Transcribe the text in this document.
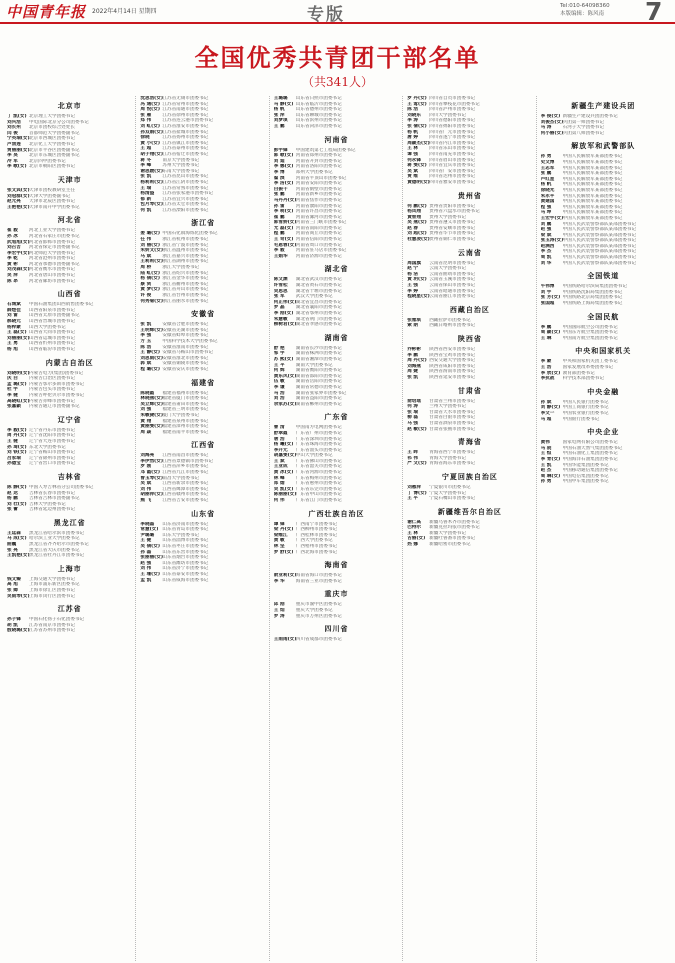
中国青年报 2022年4月14日 星期四	专版	Tel:010-64098360
本版编辑：陈风南 7
全国优秀共青团干部名单
（共341人）
北京市
丁 凯(女) 北京理工大学团委书记
刘兴浩	中电国际北京分公司团委书记
刘长州	北京市团校综合处处长
闫 俊	首都师范大学团委副书记
宁英瑞(女) 北京市西城区团委书记
卢清莲	北京化工大学团委书记
贾丽丽(女) 北京市平谷区团委副书记
李 昊	北京市东城区团委副书记
冷 军	北京四中团委书记
李 歌(女) 北京市朝阳区团委书记
天津市
张文宾(女) 天津市团校教研室主任
刘冠群(女) 天津大学团委副书记
赵元亮	天津市北辰区团委书记
王艳艳(女) 天津市南开中学团委书记
河北省
崔 毅	河北工业大学团委书记
孙 冰	河北省石家庄市团委书记
武旭旭(女) 河北省邯郸市团委书记
刘召吉	河北省保定市团委副书记
李宏宇(女) 河北师范大学团委书记
李 乾	河北省沧州市团委书记
黄 彬	河北省承德市团委副书记
刘茂森(女) 河北省衡水市团委书记
吴 萍	河北省唐山市团委书记
陈 昂	河北省廊坊市团委书记
山西省
石城斌	中国石油集团山西销售团委书记
薛煜佳	山西省阳泉市团委书记
刘 雷	山西省太原市团委副书记
郝晓元	山西省晋城市团委书记
杨梓蒙	山西大学团委书记
王 磊(女) 山西省大同市团委书记
刘丽丽(女) 山西省运城市团委书记
王 勇	山西省忻州市团委书记
杨 旭	山西省临汾市团委书记
内蒙古自治区
刘晓明(女) 内蒙古电力(集团)团委书记
庆 白	内蒙古自治区团委书记
孟 璐(女) 内蒙古鄂尔多斯市团委书记
杜 宇	内蒙古包头市团委书记
李 健	内蒙古呼伦贝尔市团委书记
高晓虹(女) 内蒙古赤峰市团委书记
张嘉颖	内蒙古通辽市团委副书记
辽宁省
李 毅(女) 辽宁省丹东市团委书记
周 丹(女) 辽宁省沈阳市团委书记
王 健	辽宁省大连市团委书记
孙 琦(女) 东北大学团委书记
刘 铁(女) 辽宁省鞍山市团委书记
吕家瑞	辽宁省锦州市团委书记
孙德宝	辽宁省营口市团委书记
吉林省
陈 静(女) 中国人寿吉林省分公司团委书记
赵 达	吉林省长春市团委书记
杨 鹏	吉林省吉林市团委副书记
刘 壮(女) 吉林大学团委书记
张 蕾	吉林省延边州团委书记
黑龙江省
王廷森	黑龙江省哈尔滨市团委书记
马 成(女) 哈尔滨工业大学团委书记
曲巍	黑龙江省齐齐哈尔市团委书记
张 亮	黑龙江省大庆市团委书记
王凯艳(女) 黑龙江省牡丹江市团委书记
上海市
钱文臻	上海交通大学团委书记
高 旭	上海市浦东新区团委书记
张 卿	上海市徐汇区团委书记
吴雨琴(女) 上海市闵行区团委书记
江苏省
孙子锋	中国石化扬子石化团委书记
胡 凯	江苏省南京市团委书记
殷晓璐(女) 江苏省苏州市团委书记
沈思浩(女) 江苏省无锡市团委书记
冯 通(女) 江苏省常州市团委书记
周 悦(女) 江苏省南通市团委书记
张 雁	江苏省徐州市团委书记
郑 伟	江苏省连云港市团委书记
刘 虹(女) 江苏省淮安市团委书记
孙双娟(女) 江苏省盐城市团委书记
徐晓	江苏省扬州市团委书记
黄 小(女) 江苏省镇江市团委书记
王 超	江苏省泰州市团委书记
胡子翔(女) 江苏省宿迁市团委书记
蒋 冬	南京大学团委书记
李 峰	苏州大学团委书记
谢思媛(女) 东南大学团委书记
张 凯	江苏省昆山市团委书记
杨莉莉(女) 江苏省江阴市团委书记
王 瑞	江苏省常熟市团委书记
杨清盛	江苏省张家港市团委书记
郁 新	江苏省宜兴市团委书记
包月琴(女) 江苏省太仓市团委书记
何 凯	江苏省溧阳市团委书记
浙江省
姜 璐(女) 中国石化镇海炼化团委书记
任 伟	浙江省杭州市团委书记
刘 丽(女) 浙江省宁波市团委书记
朱妍文(女) 浙江省温州市团委书记
马 斌	浙江省嘉兴市团委书记
王莉莉(女) 浙江省湖州市团委书记
周 桥	浙江大学团委书记
陆 虹(女) 浙江省绍兴市团委书记
杨 倩(女) 浙江省金华市团委书记
蔡 剑	浙江省衢州市团委书记
黄 梦(女) 浙江省舟山市团委书记
许 俊	浙江省台州市团委书记
何秀菊(女) 浙江省丽水市团委书记
安徽省
张 凯	安徽省合肥市团委书记
王明辉(女) 安徽省芜湖市团委书记
李 强	安徽省蚌埠市团委书记
方 玉	中国科学技术大学团委书记
陈 浩	安徽省淮南市团委书记
王 静(女) 安徽省马鞍山市团委书记
刘思雨(女) 安徽省淮北市团委书记
郭 斌	安徽省铜陵市团委书记
程 璐(女) 安徽省安庆市团委书记
福建省
陈晓霞	福建省福州市团委书记
林晓燕(女) 福建省厦门市团委书记
吴立辉(女) 福建省莆田市团委书记
刘 强	福建省三明市团委书记
朱敏捷(女) 厦门大学团委书记
黄 翔	福建省泉州市团委书记
黄丽雯(女) 福建省漳州市团委书记
周 焱	福建省南平市团委书记
江西省
刘海亮	江西省南昌市团委书记
李伊然(女) 江西省景德镇市团委书记
罗 刚	江西省萍乡市团委书记
邓 霞(女) 江西省九江市团委书记
曾玉琴(女) 南昌大学团委书记
吴 斌	江西省新余市团委书记
刘 伟	江西省鹰潭市团委书记
胡丽萍(女) 江西省赣州市团委书记
熊 飞	江西省吉安市团委书记
山东省
李晓磊	山东省济南市团委书记
常慧(女) 山东省青岛市团委书记
尹璐璐	山东大学团委书记
王 健	山东省淄博市团委书记
吴 倩(女) 山东省枣庄市团委书记
孙 磊	山东省东营市团委书记
张丽丽(女) 山东省烟台市团委书记
赵 强	山东省潍坊市团委书记
刘 伟	山东省济宁市团委书记
王 珊(女) 山东省泰安市团委书记
孟 凯	山东省威海市团委书记
王璐璐	山东省日照市团委书记
马 静(女) 山东省临沂市团委书记
杨 帆	山东省德州市团委书记
张 萍	山东省聊城市团委书记
刘梦琪	山东省滨州市团委书记
王 鹏	山东省菏泽市团委书记
河南省
彭宇锋	中国建筑第七工程局团委书记
郭 歌(女) 河南省郑州市团委书记
刘 迪	河南省开封市团委书记
李 娜(女) 河南省洛阳市团委书记
李 博	郑州大学团委书记
翟 滨	河南省平顶山市团委书记
李 洁(女) 河南省安阳市团委书记
白振千	河南省鹤壁市团委书记
张 鹏	河南省新乡市团委书记
马丹丹(女) 河南省焦作市团委书记
孙 雷	河南省濮阳市团委书记
李 萌(女) 河南省许昌市团委书记
崔 鹏	河南省漯河市团委书记
郭雪娇(女) 河南省三门峡市团委书记
尤 磊(女) 河南省南阳市团委书记
程 鹏	河南省商丘市团委书记
王 奇(女) 河南省信阳市团委书记
毛恩蓉(女) 河南省周口市团委书记
李 毅	河南省驻马店市团委书记
王娟华	河南省济源市团委书记
湖北省
陈文渊	湖北省武汉市团委书记
许雪松	湖北省黄石市团委书记
吴思思	湖北省十堰市团委书记
张 军	武汉大学团委书记
何正伟(女) 湖北省宜昌市团委书记
罗 晶	湖北省襄阳市团委书记
李 刚(女) 湖北省鄂州市团委书记
朱慧敏	湖北省荆门市团委书记
柳树君(女) 湖北省孝感市团委书记
湖南省
舒 艳	湖南省长沙市团委书记
邹 宇	湖南省株洲市团委书记
苏 熙(女) 湖南省湘潭市团委书记
王 平	湖南大学团委书记
何 辉	湖南省衡阳市团委书记
黄东风(女) 湖南省邵阳市团委书记
伍 敏	湖南省岳阳市团委书记
李 谦	湖南省常德市团委书记
马 浩	湖南省张家界市团委书记
刘 浩	湖南省益阳市团委书记
余家苏(女) 湖南省郴州市团委书记
广东省
曹 清	中国南方电网团委书记
舒翠霞	广东省广州市团委书记
唐 浩	广东省深圳市团委书记
杨 曦(女) 广东省珠海市团委书记
李开元	广东省汕头市团委书记
胡嘉雯(女) 中山大学团委书记
王 斌	广东省佛山市团委书记
王亚成	广东省韶关市团委书记
黄 冰(女) 广东省河源市团委书记
林 峰	广东省梅州市团委书记
郑 熠	广东省惠州市团委书记
吴 凯(女) 广东省东莞市团委书记
陈丽丽(女) 广东省中山市团委书记
何 伟	广东省江门市团委书记
广西壮族自治区
谭 锋	广西南宁市团委书记
梁 丹(女) 广西柳州市团委书记
梁维江	广西桂林市团委书记
黄 敏	广西大学团委书记
林 坚	广西梧州市团委书记
罗 舒(女) 广西北海市团委书记
海南省
俞亚莉(女) 海南省海口市团委书记
李 华	海南省三亚市团委书记
重庆市
邱 刚	重庆市渝中区团委书记
王 灿	重庆大学团委书记
罗 涛	重庆市万州区团委书记
四川省
王雨雨(女) 四川省成都市团委书记
罗 丹(女) 四川省自贡市团委书记
王 莺(女) 四川省攀枝花市团委书记
陈 浩	四川省泸州市团委书记
刘晓东	四川大学团委书记
李 涛	四川省德阳市团委书记
张 倩(女) 四川省绵阳市团委书记
杨 帆	四川省广元市团委书记
唐 婷	四川省遂宁市团委书记
周颖杰(女) 四川省内江市团委书记
王 林	四川省乐山市团委书记
谭 强	四川省南充市团委书记
何永锋	四川省眉山市团委书记
蒋 雯(女) 四川省宜宾市团委书记
吴 斌	四川省广安市团委书记
贾 维	四川省达州市团委书记
黄德明(女) 四川省雅安市团委书记
贵州省
何 鹏(女) 贵州省贵阳市团委书记
杨凤翔	贵州省六盘水市团委书记
黄智翔	贵州大学团委书记
吴 燕(女) 贵州省遵义市团委书记
赵 春	贵州省安顺市团委书记
刘 超(女) 贵州省毕节市团委书记
杜慧凌(女) 贵州省铜仁市团委书记
云南省
周国旗	云南省昆明市团委书记
赵 宁	云南大学团委书记
杨 洁	云南省曲靖市团委书记
黄 玥(女) 云南省玉溪市团委书记
王 强	云南省保山市团委书记
李 婷	云南省昭通市团委书记
程晓星(女) 云南省丽江市团委书记
西藏自治区
张雅琪	西藏拉萨市团委书记
索 朗	西藏日喀则市团委书记
陕西省
乔彬彬	陕西省西安市团委书记
李 鹏	陕西省宝鸡市团委书记
周 丹(女) 西安交通大学团委书记
刘海燕	陕西省咸阳市团委书记
周 婕	陕西省渭南市团委书记
张 凯	陕西省延安市团委书记
甘肃省
俞培瑶	甘肃省兰州市团委书记
何 涛	兰州大学团委书记
张 瑞	甘肃省天水市团委书记
柳 磊	甘肃省白银市团委书记
马 强	甘肃省酒泉市团委书记
赵 敏(女) 甘肃省张掖市团委书记
青海省
王 晖	青海省西宁市团委书记
祁 伟	青海大学团委书记
严 文(女) 青海省海东市团委书记
宁夏回族自治区
刘惠萍	宁夏银川市团委书记
丁 博(女) 宁夏大学团委书记
王 平	宁夏石嘴山市团委书记
新疆维吾尔自治区
谢仁高	新疆乌鲁木齐市团委书记
巴特尔	新疆克拉玛依市团委书记
王 林	新疆大学团委书记
古丽(女) 新疆吐鲁番市团委书记
热 娜	新疆哈密市团委书记
新疆生产建设兵团
李 俊(女) 新疆生产建设兵团团委书记
刘俊杰(女) 兵团第一师团委书记
马 涛	石河子大学团委书记
何小丽(女) 兵团第八师团委书记
解放军和武警部队
孙 勇	中国人民解放军某部团委书记
史文博	中国人民解放军某部团委书记
王志军	中国人民解放军某部团委书记
张 鹏	中国人民解放军某部团委书记
卢红星	中国人民解放军某部团委书记
杨 帆	中国人民解放军某部团委书记
徐晓光	中国人民解放军某部团委书记
朱永平	中国人民解放军某部团委书记
黄建国	中国人民解放军某部团委书记
程 强	中国人民解放军某部团委书记
马 坤	中国人民解放军某部团委书记
王宏宇(女) 中国人民解放军某部团委书记
刘 鹏	中国人民武装警察部队某部团委书记
赵 强	中国人民武装警察部队某部团委书记
梁 斌	中国人民武装警察部队某部团委书记
张玉涛(女) 中国人民武装警察部队某部团委书记
赵满西	中国人民武装警察部队某部团委书记
李 杰	中国人民武装警察部队某部团委书记
周 凯	中国人民武装警察部队某部团委书记
刘 华	中国人民武装警察部队某部团委书记
全国铁道
牛伟博	中国铁路哈尔滨局集团团委书记
刘 宇	中国铁路沈阳局集团团委书记
张 芳(女) 中国铁路北京局集团团委书记
张国超	中国铁路上海局集团团委书记
全国民航
李 鹏	中国国际航空公司团委书记
周 颖(女) 中国东方航空集团团委书记
王 琳	中国南方航空集团团委书记
中央和国家机关
李 蒙	中央和国家机关团工委书记
王 浩	国家发展改革委团委书记
李 欣(女) 教育部团委书记
李抗战	科学技术部团委书记
中央金融
孙 斌	中国人民银行团委书记
刘 静(女) 中国工商银行团委书记
李文一	中国农业银行团委书记
马 超	中国银行团委书记
中央企业
黄伟	国家电网有限公司团委书记
马 骁	中国石油天然气集团团委书记
王 恒	中国石油化工集团团委书记
李 青(女) 中国海洋石油集团团委书记
王 凯	中国华能集团团委书记
赵 杰	中国移动通信集团团委书记
周 琳(女) 中国电信集团团委书记
孙 勇	中国中车集团团委书记
